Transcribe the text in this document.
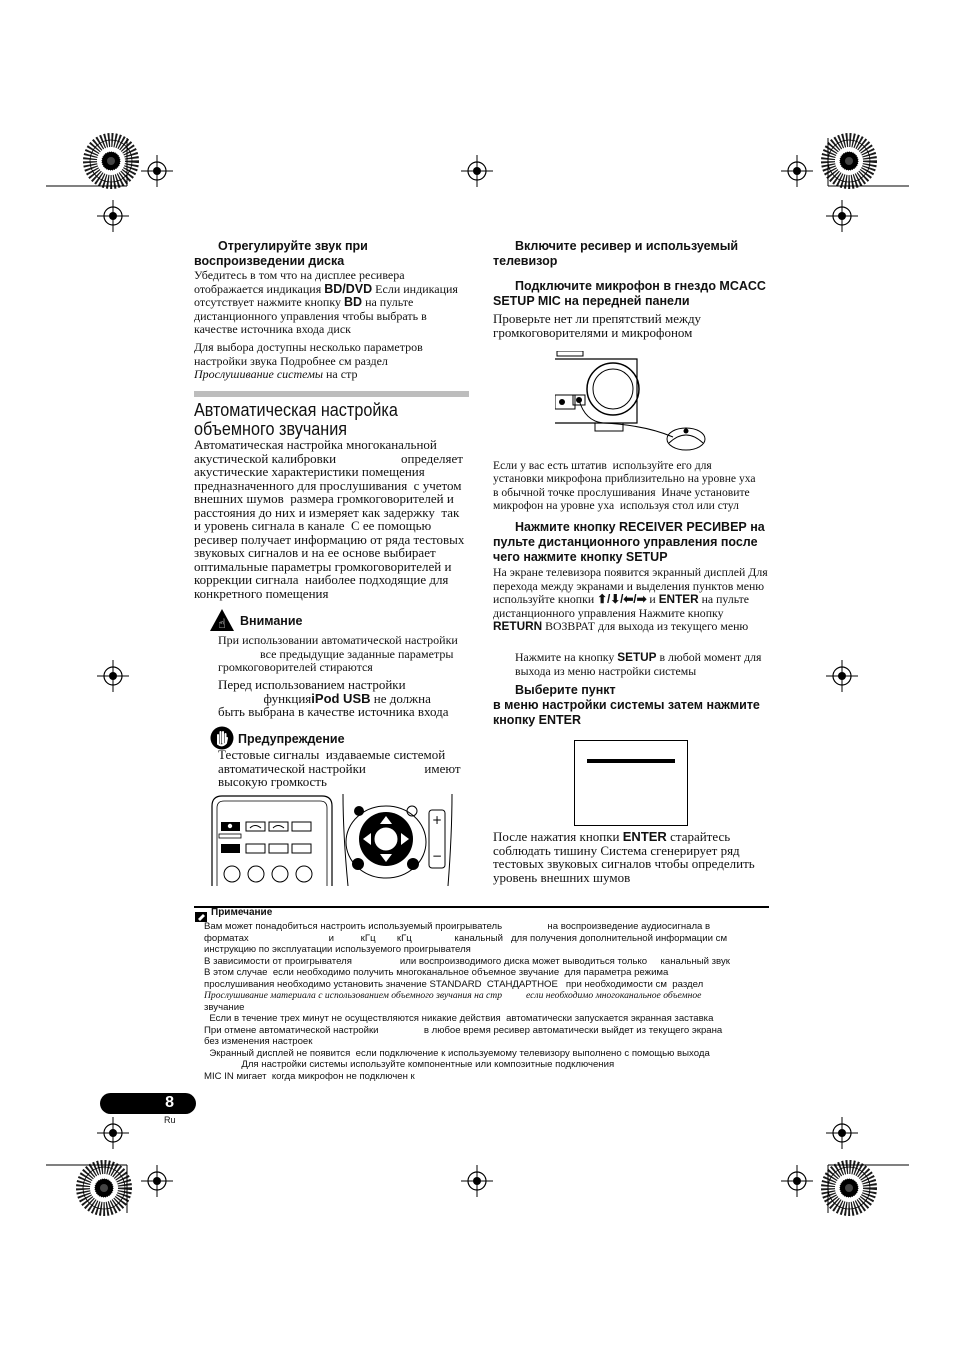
Отрегулируйте звук при воспроизведении диска

Убедитесь в том что на дисплее ресивера отображается индикация BD/DVD Если индикация отсутствует нажмите кнопку BD на пульте дистанционного управления чтобы выбрать в качестве источника входа диск

Для выбора доступны несколько параметров настройки звука Подробнее см раздел Прослушивание системы на стр

Автоматическая настройка
объемного звучания
Автоматическая настройка многоканальной
акустической калибровки                    определяет
акустические характеристики помещения
предназначенного для прослушивания  с учетом
внешних шумов  размера громкоговорителей и
расстояния до них и измеряет как задержку  так
и уровень сигнала в канале  С ее помощью
ресивер получает информацию от ряда тестовых
звуковых сигналов и на ее основе выбирает
оптимальные параметры громкоговорителей и
коррекции сигнала  наиболее подходящие для
конкретного помещения
☝ Внимание
При использовании автоматической настройки
все предыдущие заданные параметры
громкоговорителей стираются
Перед использованием настройки
функцияiPod USB не должна
быть выбрана в качестве источника входа
Предупреждение
Тестовые сигналы  издаваемые системой
автоматической настройки                  имеют
высокую громкость
+
−
Включите ресивер и используемый телевизор
Подключите микрофон в гнездо MCACC SETUP MIC на передней панели

Проверьте нет ли препятствий между громкоговорителями и микрофоном

Если у вас есть штатив  используйте его для
установки микрофона приблизительно на уровне уха
в обычной точке прослушивания  Иначе установите
микрофон на уровне уха  используя стол или стул
Нажмите кнопку RECEIVER РЕСИВЕР на пульте дистанционного управления после чего нажмите кнопку SETUP

На экране телевизора появится экранный дисплей Для перехода между экранами и выделения пунктов меню используйте кнопки ⬆/⬇/⬅/➡ и ENTER на пульте дистанционного управления Нажмите кнопку RETURN ВОЗВРАТ для выхода из текущего меню

Нажмите на кнопку SETUP в любой момент для выхода из меню настройки системы

Выберите пункт
в меню настройки системы затем нажмите кнопку ENTER

После нажатия кнопки ENTER старайтесь соблюдать тишину Система сгенерирует ряд тестовых звуковых сигналов чтобы определить уровень внешних шумов

Примечание
Вам может понадобиться настроить используемый проигрыватель                 на воспроизведение аудиосигнала в
форматах                              и          кГц        кГц                канальный   для получения дополнительной информации см
инструкцию по эксплуатации используемого проигрывателя
В зависимости от проигрывателя                  или воспроизводимого диска может выводиться только     канальный звук
В этом случае  если необходимо получить многоканальное объемное звучание  для параметра режима
прослушивания необходимо установить значение STANDARD  СТАНДАРТНОЕ   при необходимости см  раздел
Прослушивание материала с использованием объемного звучания на стр          если необходимо многоканальное объемное
звучание
Если в течение трех минут не осуществляются никакие действия  автоматически запускается экранная заставка
При отмене автоматической настройки                 в любое время ресивер автоматически выйдет из текущего экрана
без изменения настроек
Экранный дисплей не появится  если подключение к используемому телевизору выполнено с помощью выхода
Для настройки системы используйте компонентные или композитные подключения
MIC IN мигает  когда микрофон не подключен к
8
Ru
